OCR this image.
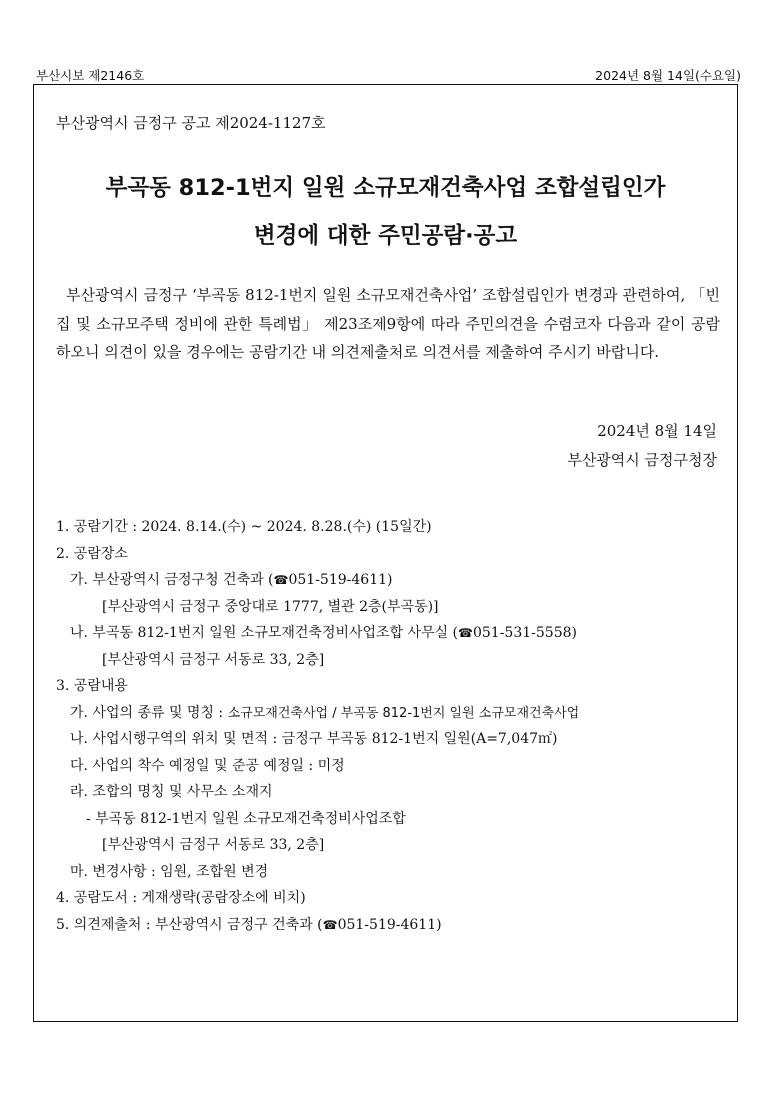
부산시보 제2146호	2024년 8월 14일(수요일)
부산광역시 금정구 공고 제2024-1127호
부곡동 812-1번지 일원 소규모재건축사업 조합설립인가
변경에 대한 주민공람·공고
부산광역시 금정구 ‘부곡동 812-1번지 일원 소규모재건축사업’ 조합설립인가 변경과 관련하여, 「빈집 및 소규모주택 정비에 관한 특례법」 제23조제9항에 따라 주민의견을 수렴코자 다음과 같이 공람하오니 의견이 있을 경우에는 공람기간 내 의견제출처로 의견서를 제출하여 주시기 바랍니다.
2024년 8월 14일
부산광역시 금정구청장
1. 공람기간 : 2024. 8.14.(수) ~ 2024. 8.28.(수) (15일간)
2. 공람장소
가. 부산광역시 금정구청 건축과 (☎051-519-4611)
[부산광역시 금정구 중앙대로 1777, 별관 2층(부곡동)]
나. 부곡동 812-1번지 일원 소규모재건축정비사업조합 사무실 (☎051-531-5558)
[부산광역시 금정구 서동로 33, 2층]
3. 공람내용
가. 사업의 종류 및 명칭 : 소규모재건축사업 / 부곡동 812-1번지 일원 소규모재건축사업
나. 사업시행구역의 위치 및 면적 : 금정구 부곡동 812-1번지 일원(A=7,047㎡)
다. 사업의 착수 예정일 및 준공 예정일 : 미정
라. 조합의 명칭 및 사무소 소재지
- 부곡동 812-1번지 일원 소규모재건축정비사업조합
[부산광역시 금정구 서동로 33, 2층]
마. 변경사항 : 임원, 조합원 변경
4. 공람도서 : 게재생략(공람장소에 비치)
5. 의견제출처 : 부산광역시 금정구 건축과 (☎051-519-4611)
